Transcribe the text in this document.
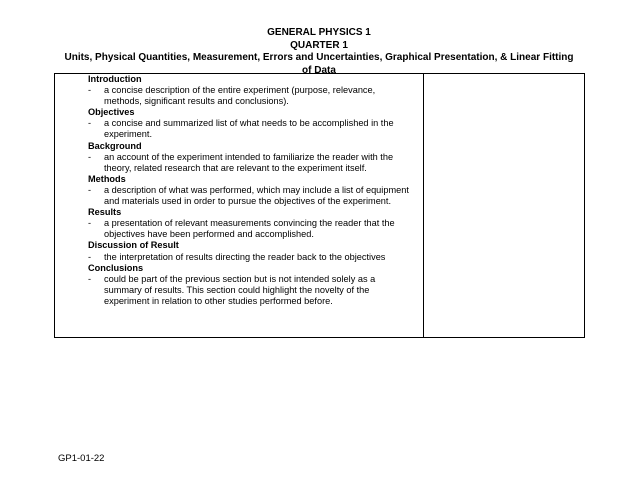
GENERAL PHYSICS 1
QUARTER 1
Units, Physical Quantities, Measurement, Errors and Uncertainties, Graphical Presentation, & Linear Fitting of Data
Introduction
- a concise description of the entire experiment (purpose, relevance, methods, significant results and conclusions).
Objectives
- a concise and summarized list of what needs to be accomplished in the experiment.
Background
- an account of the experiment intended to familiarize the reader with the theory, related research that are relevant to the experiment itself.
Methods
- a description of what was performed, which may include a list of equipment and materials used in order to pursue the objectives of the experiment.
Results
- a presentation of relevant measurements convincing the reader that the objectives have been performed and accomplished.
Discussion of Result
- the interpretation of results directing the reader back to the objectives
Conclusions
- could be part of the previous section but is not intended solely as a summary of results. This section could highlight the novelty of the experiment in relation to other studies performed before.
GP1-01-22
